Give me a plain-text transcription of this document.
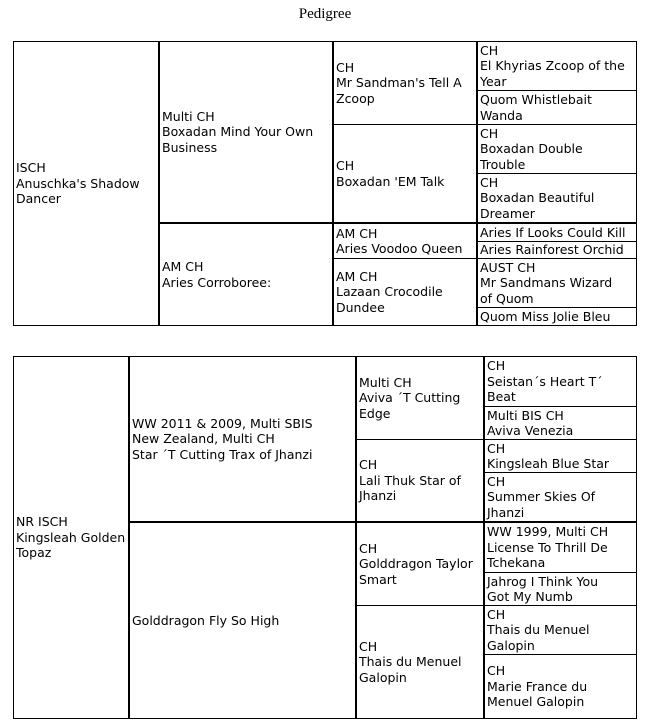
Pedigree
ISCH
Anuschka's Shadow
Dancer
Multi CH
Boxadan Mind Your Own
Business
AM CH
Aries Corroboree:
CH
Mr Sandman's Tell A
Zcoop
CH
Boxadan 'EM Talk
AM CH
Aries Voodoo Queen
AM CH
Lazaan Crocodile
Dundee
CH
El Khyrias Zcoop of the
Year
Quom Whistlebait
Wanda
CH
Boxadan Double
Trouble
CH
Boxadan Beautiful
Dreamer
Aries If Looks Could Kill
Aries Rainforest Orchid
AUST CH
Mr Sandmans Wizard
of Quom
Quom Miss Jolie Bleu
NR ISCH
Kingsleah Golden
Topaz
WW 2011 & 2009, Multi SBIS
New Zealand, Multi CH
Star ´T Cutting Trax of Jhanzi
Golddragon Fly So High
Multi CH
Aviva ´T Cutting
Edge
CH
Lali Thuk Star of
Jhanzi
CH
Golddragon Taylor
Smart
CH
Thais du Menuel
Galopin
CH
Seistan´s Heart T´
Beat
Multi BIS CH
Aviva Venezia
CH
Kingsleah Blue Star
CH
Summer Skies Of
Jhanzi
WW 1999, Multi CH
License To Thrill De
Tchekana
Jahrog I Think You
Got My Numb
CH
Thais du Menuel
Galopin
CH
Marie France du
Menuel Galopin
